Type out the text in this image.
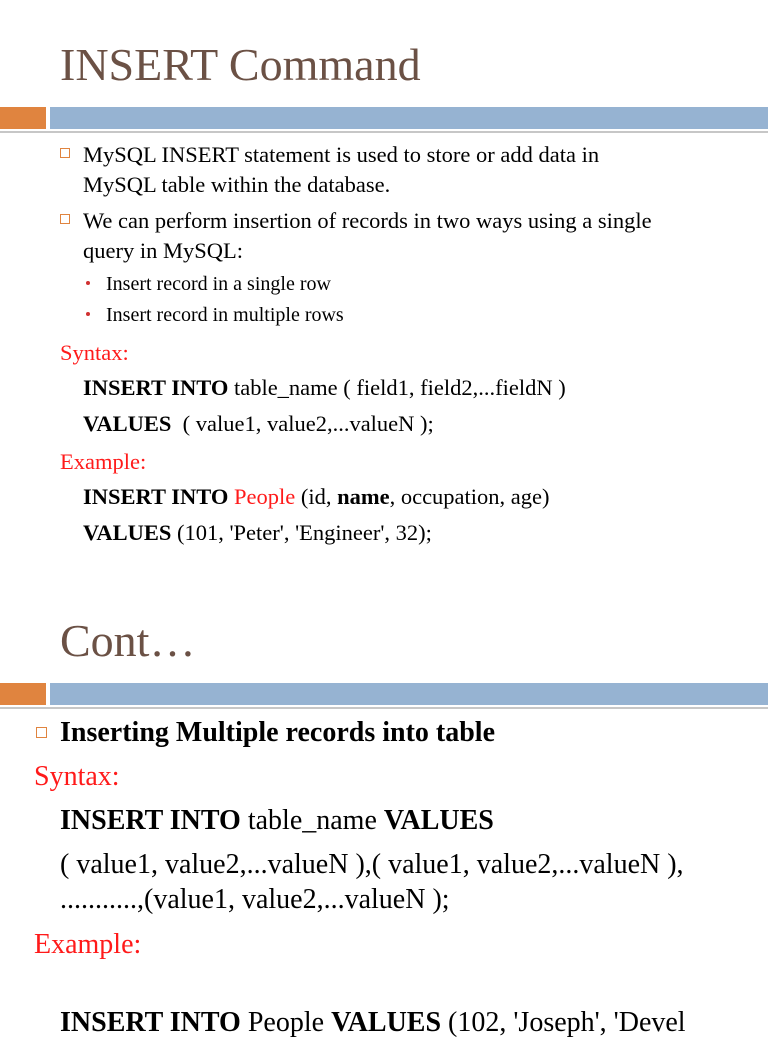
INSERT Command
MySQL INSERT statement is used to store or add data in
MySQL table within the database.
We can perform insertion of records in two ways using a single
query in MySQL:
Insert record in a single row
Insert record in multiple rows
Syntax:
INSERT INTO table_name ( field1, field2,...fieldN )
VALUES  ( value1, value2,...valueN );
Example:
INSERT INTO People (id, name, occupation, age)
VALUES (101, 'Peter', 'Engineer', 32);
Cont…
Inserting Multiple records into table
Syntax:
INSERT INTO table_name VALUES
( value1, value2,...valueN ),( value1, value2,...valueN ),
...........,(value1, value2,...valueN );
Example:
INSERT INTO People VALUES (102, 'Joseph', 'Devel
